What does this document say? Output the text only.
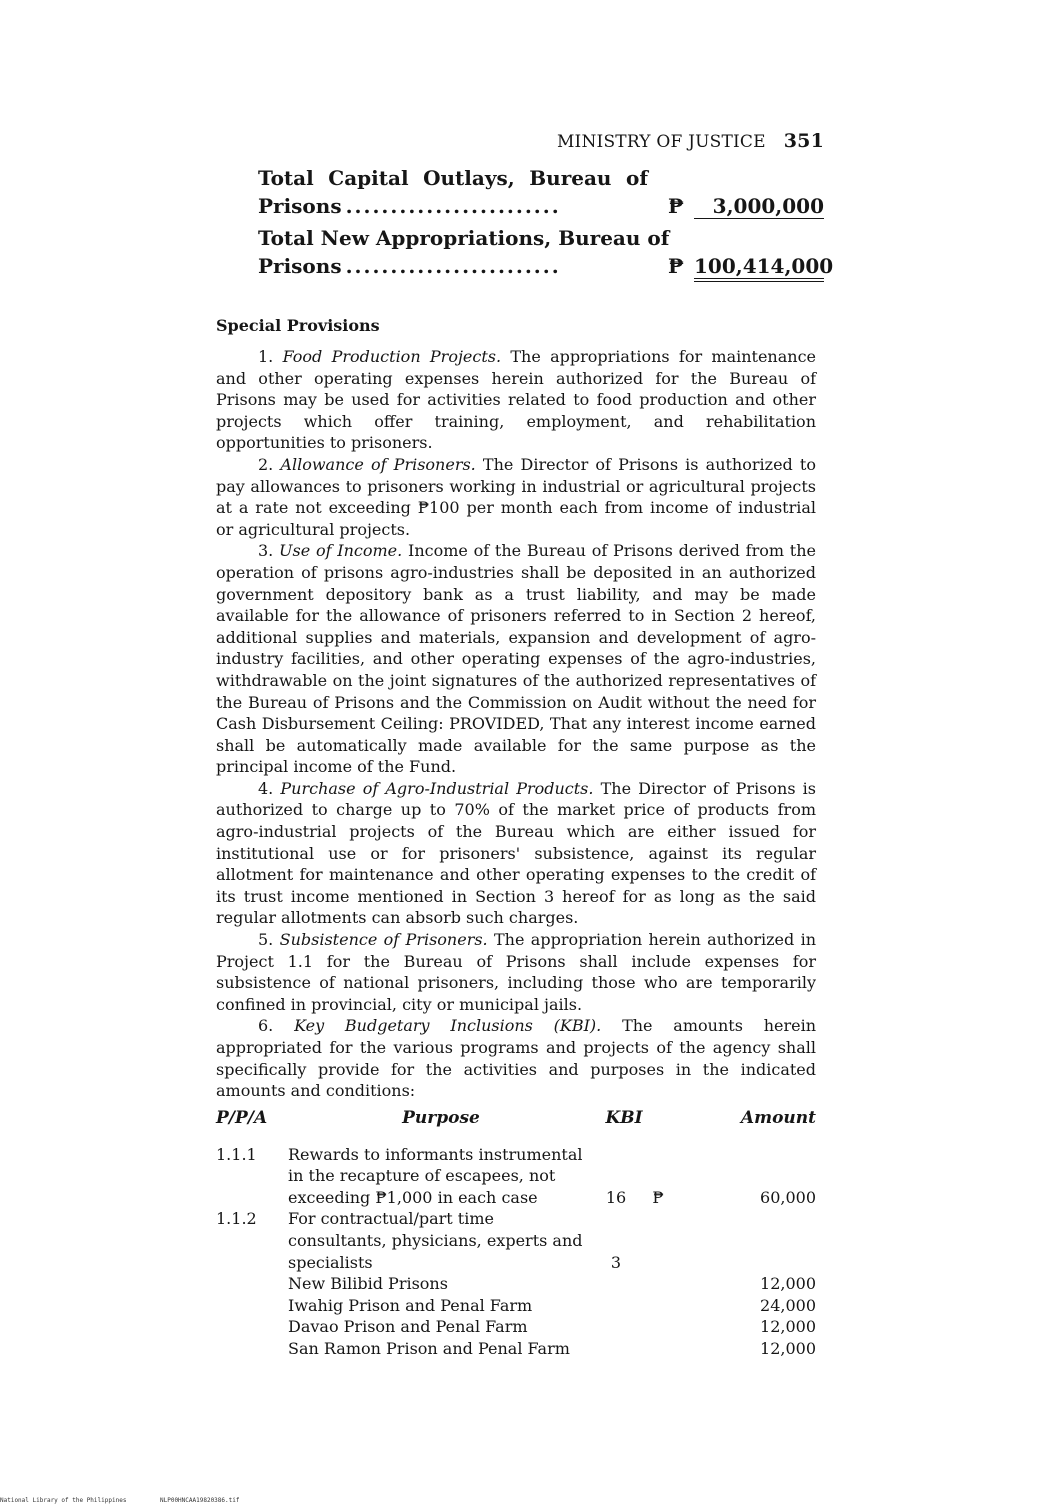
MINISTRY OF JUSTICE 351
Total Capital Outlays, Bureau of
Prisons ........................	₱	3,000,000
Total New Appropriations, Bureau of
Prisons ........................	₱ 100,414,000
Special Provisions

1. Food Production Projects. The appropriations for maintenance and other operating expenses herein authorized for the Bureau of Prisons may be used for activities related to food production and other projects which offer training, employment, and rehabilitation opportunities to prisoners.

2. Allowance of Prisoners. The Director of Prisons is authorized to pay allowances to prisoners working in industrial or agricultural projects at a rate not exceeding ₱100 per month each from income of industrial or agricultural projects.

3. Use of Income. Income of the Bureau of Prisons derived from the operation of prisons agro-industries shall be deposited in an authorized government depository bank as a trust liability, and may be made available for the allowance of prisoners referred to in Section 2 hereof, additional supplies and materials, expansion and development of agro-industry facilities, and other operating expenses of the agro-industries, withdrawable on the joint signatures of the authorized representatives of the Bureau of Prisons and the Commission on Audit without the need for Cash Disbursement Ceiling: PROVIDED, That any interest income earned shall be automatically made available for the same purpose as the principal income of the Fund.

4. Purchase of Agro-Industrial Products. The Director of Prisons is authorized to charge up to 70% of the market price of products from agro-industrial projects of the Bureau which are either issued for institutional use or for prisoners' subsistence, against its regular allotment for maintenance and other operating expenses to the credit of its trust income mentioned in Section 3 hereof for as long as the said regular allotments can absorb such charges.

5. Subsistence of Prisoners. The appropriation herein authorized in Project 1.1 for the Bureau of Prisons shall include expenses for subsistence of national prisoners, including those who are temporarily confined in provincial, city or municipal jails.

6. Key Budgetary Inclusions (KBI). The amounts herein appropriated for the various programs and projects of the agency shall specifically provide for the activities and purposes in the indicated amounts and conditions:

P/P/A	Purpose	KBI	Amount
1.1.1	Rewards to informants instrumental in the recapture of escapees, not exceeding ₱1,000 in each case	16	₱	60,000
1.1.2	For contractual/part time consultants, physicians, experts and specialists	3
New Bilibid Prisons	12,000
Iwahig Prison and Penal Farm	24,000
Davao Prison and Penal Farm	12,000
San Ramon Prison and Penal Farm	12,000
National Library of the Philippines	NLP00HNCAA19820386.tif
